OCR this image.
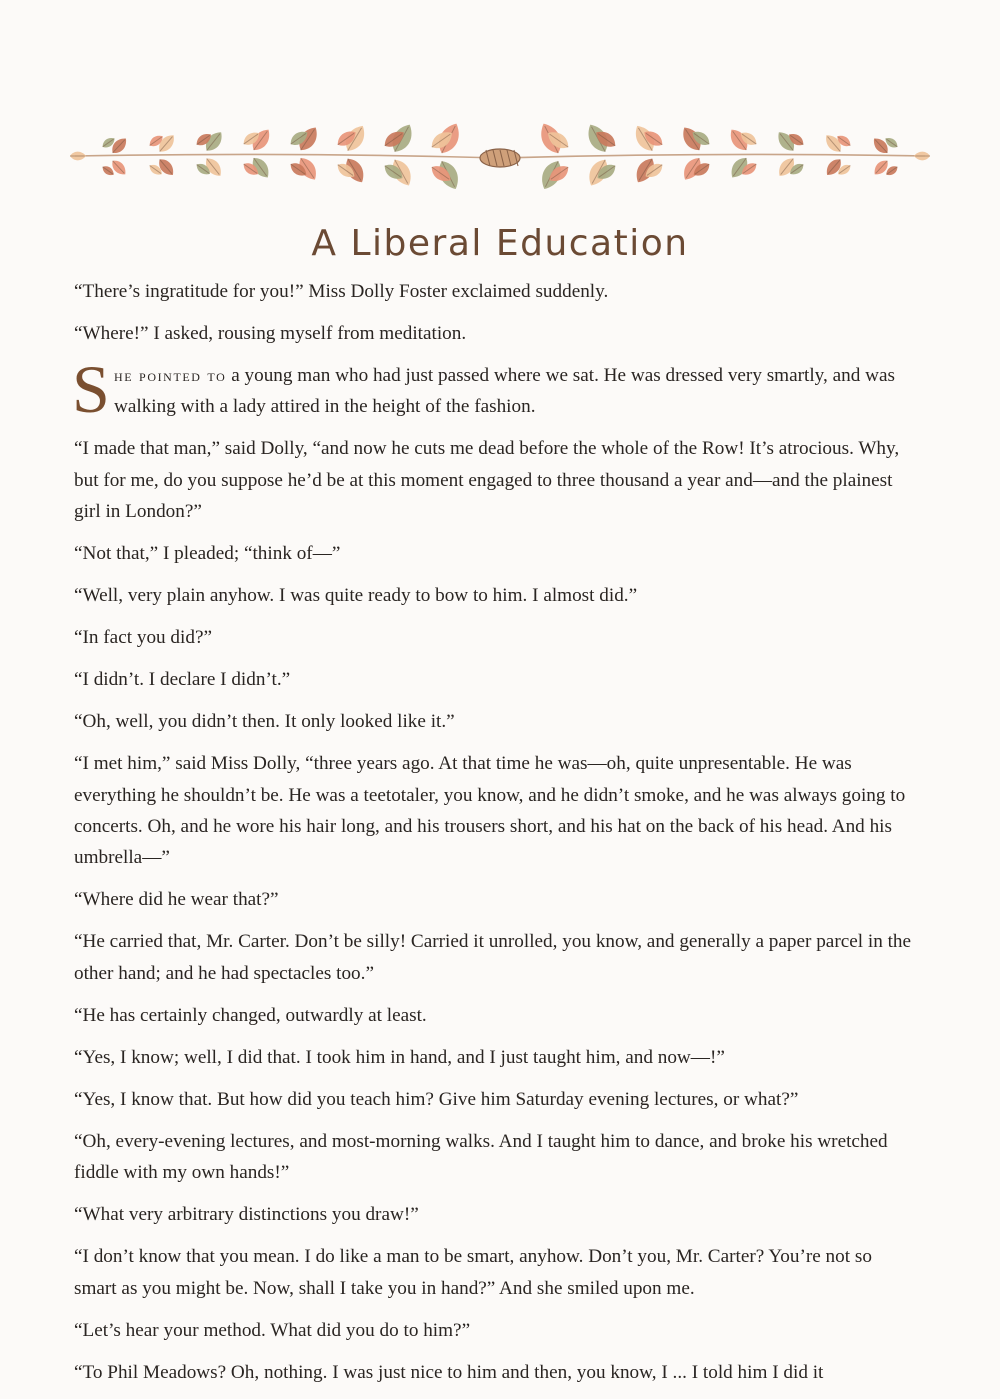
A Liberal Education

“There’s ingratitude for you!” Miss Dolly Foster exclaimed suddenly.

“Where!” I asked, rousing myself from meditation.

S he pointed to a young man who had just passed where we sat. He was dressed very smartly, and was
walking with a lady attired in the height of the fashion.

“I made that man,” said Dolly, “and now he cuts me dead before the whole of the Row! It’s atrocious. Why,
but for me, do you suppose he’d be at this moment engaged to three thousand a year and—and the plainest
girl in London?”

“Not that,” I pleaded; “think of—”

“Well, very plain anyhow. I was quite ready to bow to him. I almost did.”

“In fact you did?”

“I didn’t. I declare I didn’t.”

“Oh, well, you didn’t then. It only looked like it.”

“I met him,” said Miss Dolly, “three years ago. At that time he was—oh, quite unpresentable. He was
everything he shouldn’t be. He was a teetotaler, you know, and he didn’t smoke, and he was always going to
concerts. Oh, and he wore his hair long, and his trousers short, and his hat on the back of his head. And his
umbrella—”

“Where did he wear that?”

“He carried that, Mr. Carter. Don’t be silly! Carried it unrolled, you know, and generally a paper parcel in the
other hand; and he had spectacles too.”

“He has certainly changed, outwardly at least.

“Yes, I know; well, I did that. I took him in hand, and I just taught him, and now—!”

“Yes, I know that. But how did you teach him? Give him Saturday evening lectures, or what?”

“Oh, every-evening lectures, and most-morning walks. And I taught him to dance, and broke his wretched
fiddle with my own hands!”

“What very arbitrary distinctions you draw!”

“I don’t know that you mean. I do like a man to be smart, anyhow. Don’t you, Mr. Carter? You’re not so
smart as you might be. Now, shall I take you in hand?” And she smiled upon me.

“Let’s hear your method. What did you do to him?”

“To Phil Meadows? Oh, nothing. I was just nice to him and then, you know, I ... I told him I did it
